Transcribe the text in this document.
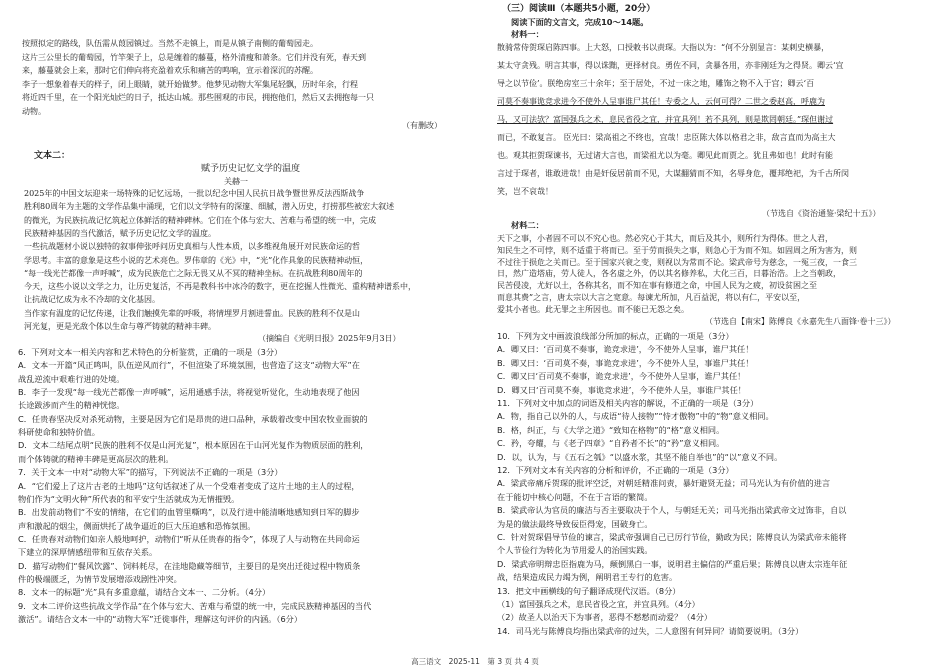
按照拟定的路线，队伍需从葭园镇过。当然不走镇上，而是从镇子南侧的葡萄园走。
这片三公里长的葡萄园，竹竿架子上，总是缠着的藤蔓，格外清瘦和萧条。它们并没有死，春天到
来，藤蔓就会上来，那时它们伸向将充盈着欢乐和痛苦的鸣响，宣示着深沉的苏醒。
李子一想象着春天的样子，闭上眼睛，就开始做梦。他梦见动物大军集尾轻飘，历时年余，行程
将近四千里，在一个阳光灿烂的日子，抵达山城。那些围观的市民，拥抱他们，然后又去拥抱每一只
动物。
（有删改）
文本二：
赋予历史记忆文学的温度
关赫一
2025年的中国文坛迎来一场特殊的记忆远场，一批以纪念中国人民抗日战争暨世界反法西斯战争
胜利80周年为主题的文学作品集中涌现，它们以文学特有的深邃、细腻，潜入历史，打捞那些被宏大叙述
的微光，为民族抗战记忆筑起立体鲜活的精神碑林。它们在个体与宏大、苦难与希望的统一中，完成
民族精神基因的当代激活，赋予历史记忆文学的温度。
一些抗战题材小说以独特的叙事伸张呼问历史真相与人性本质，以多维视角展开对民族命运的哲
学思考。丰富的意象是这些小说的艺术亮色。罗伟章的《光》中，“光”化作具象的民族精神动恒，
“每一线光芒都像一声呼喊”，成为民族危亡之际无畏又从不冥的精神坐标。在抗战胜利80周年的
今天，这些小说以文学之力，让历史复活，不再是教科书中冰冷的数字，更在挖掘人性微光、重构精神谱系中，
让抗战记忆成为永不冷却的文化基因。
当作家有温度的记忆传递，让我们触摸先辈的呼吸，将情埋罗月割进誓血。民族的胜利不仅是山
河光复，更是光敌个体以生命与尊严铸就的精神丰碑。
（摘编自《光明日报》2025年9月3日）
6．下列对文本一相关内容和艺术特色的分析鉴赏，正确的一项是（3分）
A．文本一开篇“风正鸣叫，队伍逆风而行”，不但渲染了环境氛围，也营造了这支“动物大军”在
战乱逆流中艰难行进的处境。
B．李子一发现“每一线光芒都像一声呼喊”，运用通感手法，将视觉听觉化，生动地表现了他因
长途跋涉而产生的精神恍惚。
C．任贵春坚决反对杀死动物，主要是因为它们是昂贵的进口品种，承载着改变中国农牧业面貌的
科研使命和独特价值。
D．文本二结尾点明“民族的胜利不仅是山河光复”，根本原因在于山河光复作为物质层面的胜利，
而个体铸就的精神丰碑是更高层次的胜利。
7．关于文本一中对“动物大军”的描写，下列说法不正确的一项是（3分）
A．“它们爱上了这片古老的土地吗”这句话叙述了从一个受难者变成了这片土地的主人的过程，
物们作为“文明火种”所代表的和平安宁生活就成为无情摧毁。
B．出发前动物们“不安的情绪，在它们的血管里嘶鸣”，以及行进中能清晰地感知到日军的脚步
声和激起的烟尘，侧面烘托了战争逼近的巨大压迫感和恐怖氛围。
C．任贵春对动物们如亲人般地呵护，动物们“听从任贵春的指令”，体现了人与动物在共同命运
下建立的深厚情感纽带和互依存关系。
D．描写动物们“餐风饮露”、饲料耗尽，在洼地隐藏等细节，主要目的是突出迁徙过程中物质条
件的极端匮乏，为情节发展增添戏剧性冲突。
8．文本一的标题“光”具有多重意蕴，请结合文本一、二分析。（4分）
9．文本二评价这些抗战文学作品“在个体与宏大、苦难与希望的统一中，完成民族精神基因的当代
激活”。请结合文本一中的“动物大军”迁徙事件，理解这句评价的内涵。（6分）
（三）阅读Ⅲ（本题共5小题，20分）
阅读下面的文言文，完成10～14题。
材料一：
散骑常侍贺琛启陈四事。上大怒，口授敕书以责琛。大指以为：“何不分别显言：某刺史横暴，
某太守贪残。明言其事，得以诛黜，更择材良。勇佐不同，贪暴各用，亦非刚廷为之得贤。卿云‘宜
导之以节俭’。朕绝房室三十余年；至于居处，不过一床之地，雕饰之物不入于宫；卿云‘百
司莫不奏事诡竞求进今不使外人呈事谁尸其任！专委之人，云何可得？二世之委赵高，呼鹿为
马，又可法欤？富国强兵之术，息民省役之宜，并宜具列！若不具列，则是欺罔朝廷。”琛但谢过
而已，不敢复言。 臣光曰：梁高祖之不终也，宜哉！忠臣陈大体以格君之非，敌言直而为高主大
也。观其拒贺琛谏书，无过诸大言也，而梁祖尤以为毫。卿见此而贾之。犹且弗如也！此时有能
言过于琛者，谁敢进哉！由是奸佞居前而不见，大谋翻猜而不知，名辱身危，覆邦绝祀，为千古所闵
笑，岂不哀哉！
（节选自《资治通鉴·梁纪十五》）
材料二：
天下之事，小者固不可以不究心也。然必究心于其大，而后及其小，则所行为得体。世之人君，
知民生之不可悖，则不适重于将而已。至于劳而损失之事，则急心于为而不知。如固周之所为害为，则
不过往于损危之关而已。至于国家兴衰之变，则视以为常而不论。梁武帝号为慈念，一冤三夜，一食三
日，然广造塔庙，劳人徒人，各名虚之外，仍以其名修养私，大化三百，日暮治浩。上之当朝政，
民苦侵凌，尤好以土，各称其名，而不知在事有修道之命，中国人民为之疲，初设贫困之至
而息其费”之言，唐太宗以大言之宽意。每谏尤所加，凡百益泥，将以有仁，平安以至，
爱其小者也。此无罪之主所因也。而不能已无怨之矣。
（节选自【南宋】陈傅良《永嘉先生八面锋·卷十三》）
10．下列为文中画波浪线部分所加的标点，正确的一项是（3分）
A．卿又曰：‘百司莫不奏事，诡竞求进’，今不使外人呈事，谁尸其任！
B．卿又曰：‘百司莫不奏，事诡竞求进’，今不使外人呈，事谁尸其任！
C．卿又曰‘百司莫不奏事，诡竞求进’，今不使外人呈事，谁尸其任！
D．卿又曰‘百司莫不奏，事诡竞求进’，今不使外人呈，事谁尸其任！
11．下列对文中加点的词语及相关内容的解说，不正确的一项是（3分）
A．物，指自己以外的人，与成语“待人接物”“恃才傲物”中的“物”意义相同。
B．格，纠正，与《大学之道》“致知在格物”的“格”意义相同。
C．矜，夸耀，与《老子四章》“自矜者不长”的“矜”意义相同。
D．以，认为，与《五石之瓠》“以盛水浆，其坚不能自举也”的“以”意义不同。
12．下列对文本有关内容的分析和评价，不正确的一项是（3分）
A．梁武帝痛斥贺琛的批评空泛，对朝廷精准问责，暴奸避贤无益；司马光认为有价值的进言
在于能切中核心问题，不在于言语的繁简。
B．梁武帝认为官员的廉洁与否主要取决于个人，与朝廷无关；司马光指出梁武帝文过饰非，自以
为是的做法最终导致佞臣得宠，国破身亡。
C．针对贺琛倡导节俭的谏言，梁武帝强调自己已厉行节俭，勤政为民；陈傅良认为梁武帝未能将
个人节俭行为转化为节用爱人的治国实践。
D．梁武帝明辩忠臣指鹿为马，颠倒黑白一事，说明君主偏信的严重后果；陈傅良以唐太宗连年征
战，结果造成民力竭为例，阐明君王专行的危害。
13．把文中画横线的句子翻译成现代汉语。（8分）
（1）富国强兵之术，息民省役之宜，并宜具列。（4分）
（2）故圣人以治天下为事者，恶得不慭慭而动爱？（4分）
14．司马光与陈傅良均指出梁武帝的过失，二人意图有何异同？请简要说明。（3分）
高三语文　2025-11　第 3 页 共 4 页
